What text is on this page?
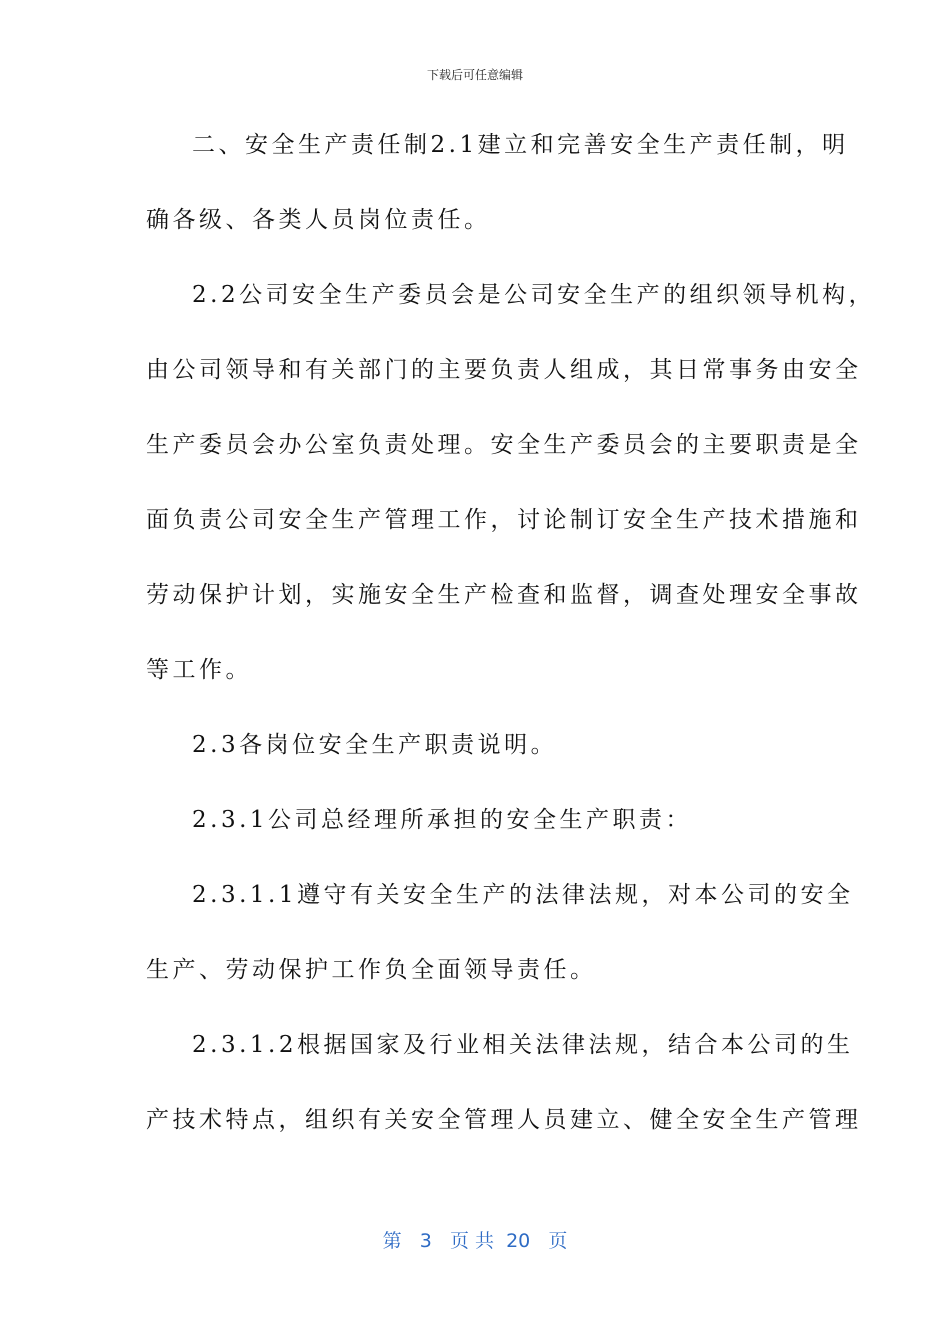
下载后可任意编辑
二、安全生产责任制2.1建立和完善安全生产责任制，明
确各级、各类人员岗位责任。
2.2公司安全生产委员会是公司安全生产的组织领导机构，
由公司领导和有关部门的主要负责人组成，其日常事务由安全
生产委员会办公室负责处理。安全生产委员会的主要职责是全
面负责公司安全生产管理工作，讨论制订安全生产技术措施和
劳动保护计划，实施安全生产检查和监督，调查处理安全事故
等工作。
2.3各岗位安全生产职责说明。
2.3.1公司总经理所承担的安全生产职责：
2.3.1.1遵守有关安全生产的法律法规，对本公司的安全
生产、劳动保护工作负全面领导责任。
2.3.1.2根据国家及行业相关法律法规，结合本公司的生
产技术特点，组织有关安全管理人员建立、健全安全生产管理
第 3 页 共 20 页
